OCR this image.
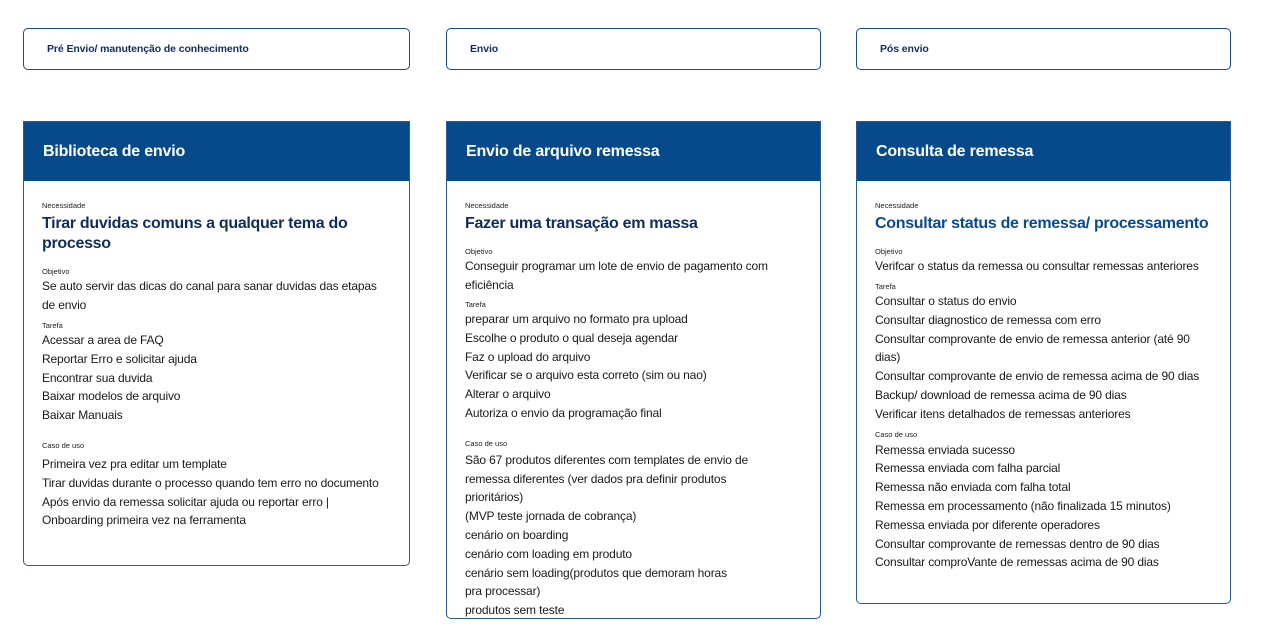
Pré Envio/ manutenção de conhecimento	Envio	Pós envio
Biblioteca de envio
Necessidade
Tirar duvidas comuns a qualquer tema do processo
Objetivo
Se auto servir das dicas do canal para sanar duvidas das etapas de envio
Tarefa
Acessar a area de FAQ
Reportar Erro e solicitar ajuda
Encontrar sua duvida
Baixar modelos de arquivo
Baixar Manuais
Caso de uso
Primeira vez pra editar um template
Tirar duvidas durante o processo quando tem erro no documento
Após envio da remessa solicitar ajuda ou reportar erro |
Onboarding primeira vez na ferramenta
Envio de arquivo remessa
Necessidade
Fazer uma transação em massa
Objetivo
Conseguir programar um lote de envio de pagamento com eficiência
Tarefa
preparar um arquivo no formato pra upload
Escolhe o produto o qual deseja agendar
Faz o upload do arquivo
Verificar se o arquivo esta correto (sim ou nao)
Alterar o arquivo
Autoriza o envio da programação final
Caso de uso
São 67 produtos diferentes com templates de envio de remessa diferentes (ver dados pra definir produtos prioritários)
(MVP teste jornada de cobrança)
cenário on boarding
cenário com loading em produto
cenário sem loading(produtos que demoram horas pra processar)
produtos sem teste
Consulta de remessa
Necessidade
Consultar status de remessa/ processamento
Objetivo
Verifcar o status da remessa ou consultar remessas anteriores
Tarefa
Consultar o status do envio
Consultar diagnostico de remessa com erro
Consultar comprovante de envio de remessa anterior (até 90 dias)
Consultar comprovante de envio de remessa acima de 90 dias
Backup/ download de remessa acima de 90 dias
Verificar itens detalhados de remessas anteriores
Caso de uso
Remessa enviada sucesso
Remessa enviada com falha parcial
Remessa não enviada com falha total
Remessa em processamento (não finalizada 15 minutos)
Remessa enviada por diferente operadores
Consultar comprovante de remessas dentro de 90 dias
Consultar comproVante de remessas acima de 90 dias
